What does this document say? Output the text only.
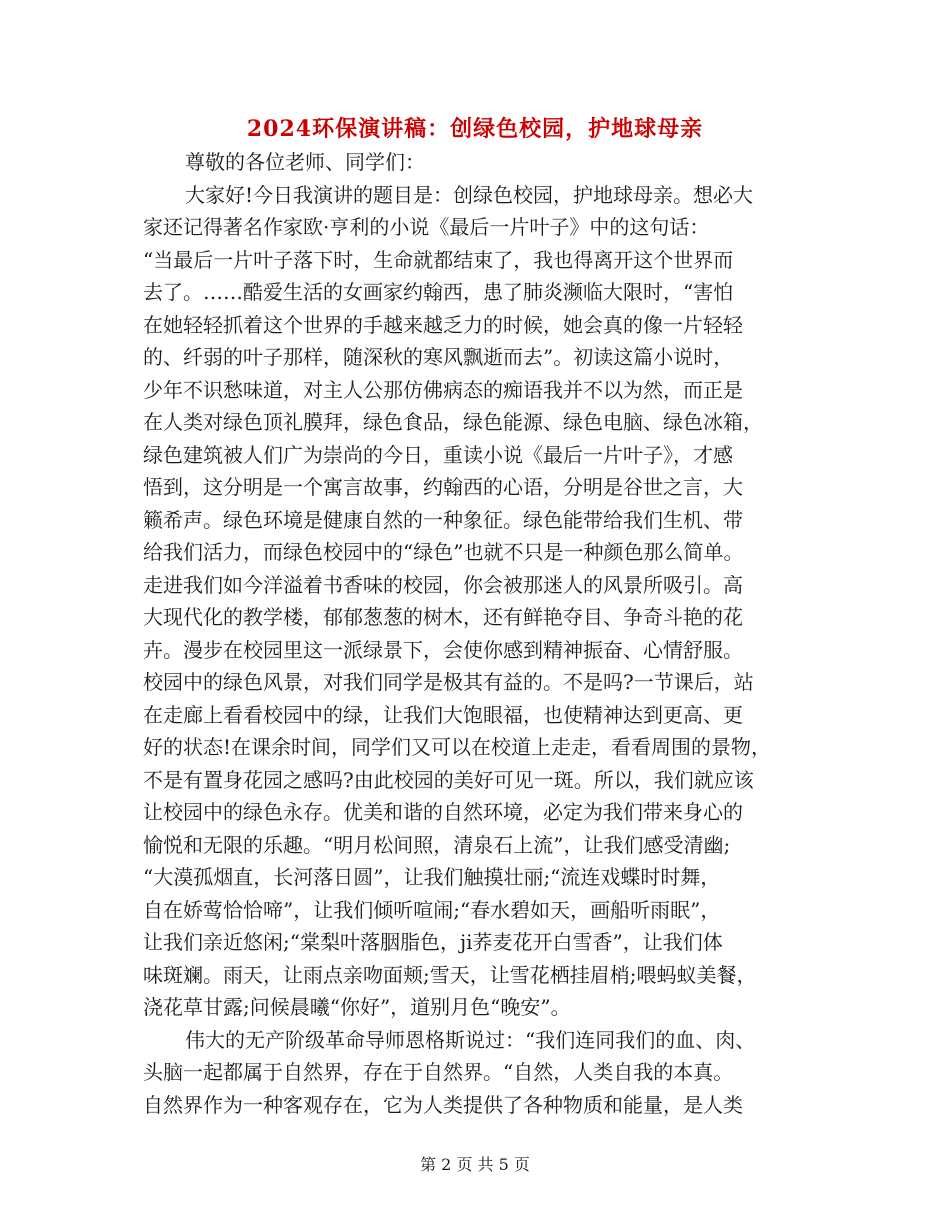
2024环保演讲稿：创绿色校园，护地球母亲
尊敬的各位老师、同学们：
大家好!今日我演讲的题目是：创绿色校园，护地球母亲。想必大
家还记得著名作家欧·亨利的小说《最后一片叶子》中的这句话：
“当最后一片叶子落下时，生命就都结束了，我也得离开这个世界而
去了。……酷爱生活的女画家约翰西，患了肺炎濒临大限时，“害怕
在她轻轻抓着这个世界的手越来越乏力的时候，她会真的像一片轻轻
的、纤弱的叶子那样，随深秋的寒风飘逝而去”。初读这篇小说时，
少年不识愁味道，对主人公那仿佛病态的痴语我并不以为然，而正是
在人类对绿色顶礼膜拜，绿色食品，绿色能源、绿色电脑、绿色冰箱，
绿色建筑被人们广为崇尚的今日，重读小说《最后一片叶子》，才感
悟到，这分明是一个寓言故事，约翰西的心语，分明是谷世之言，大
籁希声。绿色环境是健康自然的一种象征。绿色能带给我们生机、带
给我们活力，而绿色校园中的“绿色”也就不只是一种颜色那么简单。
走进我们如今洋溢着书香味的校园，你会被那迷人的风景所吸引。高
大现代化的教学楼，郁郁葱葱的树木，还有鲜艳夺目、争奇斗艳的花
卉。漫步在校园里这一派绿景下，会使你感到精神振奋、心情舒服。
校园中的绿色风景，对我们同学是极其有益的。不是吗?一节课后，站
在走廊上看看校园中的绿，让我们大饱眼福，也使精神达到更高、更
好的状态!在课余时间，同学们又可以在校道上走走，看看周围的景物，
不是有置身花园之感吗?由此校园的美好可见一斑。所以，我们就应该
让校园中的绿色永存。优美和谐的自然环境，必定为我们带来身心的
愉悦和无限的乐趣。“明月松间照，清泉石上流”，让我们感受清幽;
“大漠孤烟直，长河落日圆”，让我们触摸壮丽;“流连戏蝶时时舞，
自在娇莺恰恰啼”，让我们倾听喧闹;“春水碧如天，画船听雨眠”，
让我们亲近悠闲;“棠梨叶落胭脂色，ji荞麦花开白雪香”，让我们体
味斑斓。雨天，让雨点亲吻面颊;雪天，让雪花栖挂眉梢;喂蚂蚁美餐，
浇花草甘露;问候晨曦“你好”，道别月色“晚安”。
伟大的无产阶级革命导师恩格斯说过：“我们连同我们的血、肉、
头脑一起都属于自然界，存在于自然界。“自然，人类自我的本真。
自然界作为一种客观存在，它为人类提供了各种物质和能量，是人类
第 2 页 共 5 页
